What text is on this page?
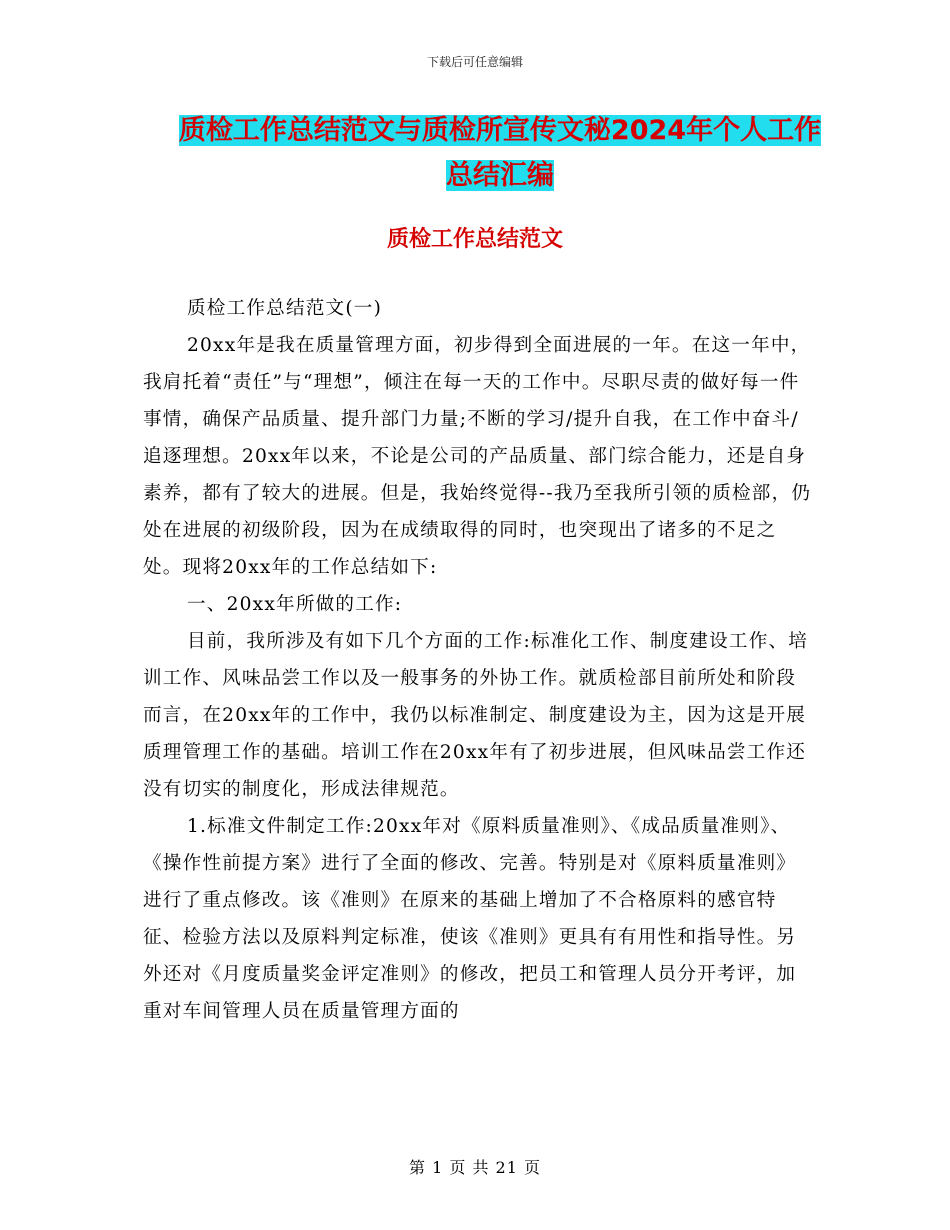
下载后可任意编辑
质检工作总结范文与质检所宣传文秘2024年个人工作
总结汇编
质检工作总结范文

质检工作总结范文(一)

20xx年是我在质量管理方面，初步得到全面进展的一年。在这一年中，我肩托着“责任”与“理想”，倾注在每一天的工作中。尽职尽责的做好每一件事情，确保产品质量、提升部门力量;不断的学习/提升自我，在工作中奋斗/追逐理想。20xx年以来，不论是公司的产品质量、部门综合能力，还是自身素养，都有了较大的进展。但是，我始终觉得--我乃至我所引领的质检部，仍处在进展的初级阶段，因为在成绩取得的同时，也突现出了诸多的不足之处。现将20xx年的工作总结如下:

一、20xx年所做的工作:

目前，我所涉及有如下几个方面的工作:标准化工作、制度建设工作、培训工作、风味品尝工作以及一般事务的外协工作。就质检部目前所处和阶段而言，在20xx年的工作中，我仍以标准制定、制度建设为主，因为这是开展质理管理工作的基础。培训工作在20xx年有了初步进展，但风味品尝工作还没有切实的制度化，形成法律规范。

1.标准文件制定工作:20xx年对《原料质量准则》、《成品质量准则》、《操作性前提方案》进行了全面的修改、完善。特别是对《原料质量准则》进行了重点修改。该《准则》在原来的基础上增加了不合格原料的感官特征、检验方法以及原料判定标准，使该《准则》更具有有用性和指导性。另外还对《月度质量奖金评定准则》的修改，把员工和管理人员分开考评，加重对车间管理人员在质量管理方面的

第 1 页 共 21 页
